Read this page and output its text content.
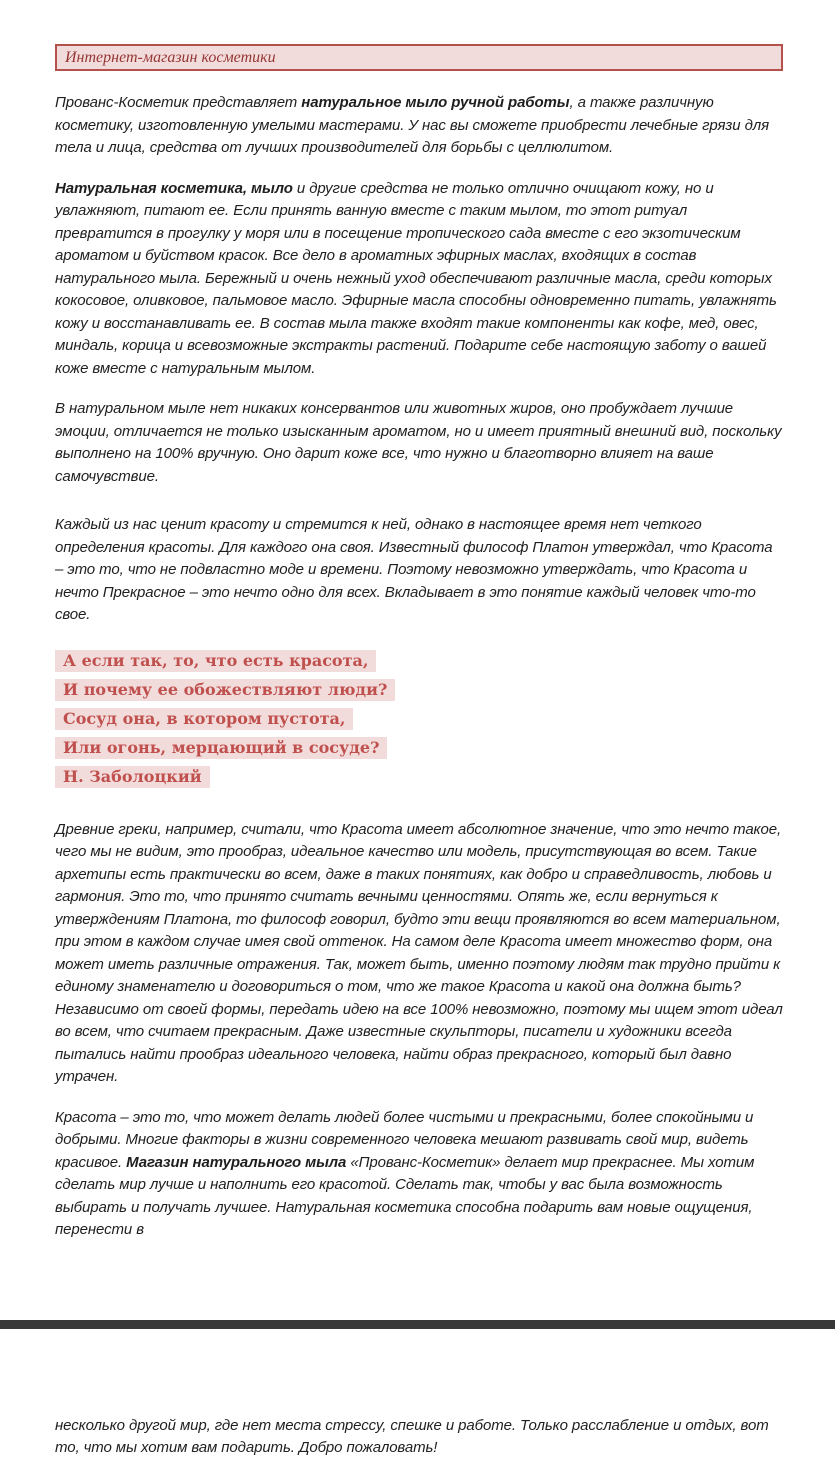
Интернет-магазин косметики

Прованс-Косметик представляет натуральное мыло ручной работы, а также различную косметику, изготовленную умелыми мастерами. У нас вы сможете приобрести лечебные грязи для тела и лица, средства от лучших производителей для борьбы с целлюлитом.

Натуральная косметика, мыло и другие средства не только отлично очищают кожу, но и увлажняют, питают ее. Если принять ванную вместе с таким мылом, то этот ритуал превратится в прогулку у моря или в посещение тропического сада вместе с его экзотическим ароматом и буйством красок. Все дело в ароматных эфирных маслах, входящих в состав натурального мыла. Бережный и очень нежный уход обеспечивают различные масла, среди которых кокосовое, оливковое, пальмовое масло. Эфирные масла способны одновременно питать, увлажнять кожу и восстанавливать ее. В состав мыла также входят такие компоненты как кофе, мед, овес, миндаль, корица и всевозможные экстракты растений. Подарите себе настоящую заботу о вашей коже вместе с натуральным мылом.

В натуральном мыле нет никаких консервантов или животных жиров, оно пробуждает лучшие эмоции, отличается не только изысканным ароматом, но и имеет приятный внешний вид, поскольку выполнено на 100% вручную. Оно дарит коже все, что нужно и благотворно влияет на ваше самочувствие.

Каждый из нас ценит красоту и стремится к ней, однако в настоящее время нет четкого определения красоты. Для каждого она своя. Известный философ Платон утверждал, что Красота – это то, что не подвластно моде и времени. Поэтому невозможно утверждать, что Красота и нечто Прекрасное – это нечто одно для всех. Вкладывает в это понятие каждый человек что-то свое.

А если так, то, что есть красота,
И почему ее обожествляют люди?
Сосуд она, в котором пустота,
Или огонь, мерцающий в сосуде?
Н. Заболоцкий

Древние греки, например, считали, что Красота имеет абсолютное значение, что это нечто такое, чего мы не видим, это прообраз, идеальное качество или модель, присутствующая во всем. Такие архетипы есть практически во всем, даже в таких понятиях, как добро и справедливость, любовь и гармония. Это то, что принято считать вечными ценностями. Опять же, если вернуться к утверждениям Платона, то философ говорил, будто эти вещи проявляются во всем материальном, при этом в каждом случае имея свой оттенок. На самом деле Красота имеет множество форм, она может иметь различные отражения. Так, может быть, именно поэтому людям так трудно прийти к единому знаменателю и договориться о том, что же такое Красота и какой она должна быть? Независимо от своей формы, передать идею на все 100% невозможно, поэтому мы ищем этот идеал во всем, что считаем прекрасным. Даже известные скульпторы, писатели и художники всегда пытались найти прообраз идеального человека, найти образ прекрасного, который был давно утрачен.

Красота – это то, что может делать людей более чистыми и прекрасными, более спокойными и добрыми. Многие факторы в жизни современного человека мешают развивать свой мир, видеть красивое. Магазин натурального мыла «Прованс-Косметик» делает мир прекраснее. Мы хотим сделать мир лучше и наполнить его красотой. Сделать так, чтобы у вас была возможность выбирать и получать лучшее. Натуральная косметика способна подарить вам новые ощущения, перенести в

несколько другой мир, где нет места стрессу, спешке и работе. Только расслабление и отдых, вот то, что мы хотим вам подарить. Добро пожаловать!
